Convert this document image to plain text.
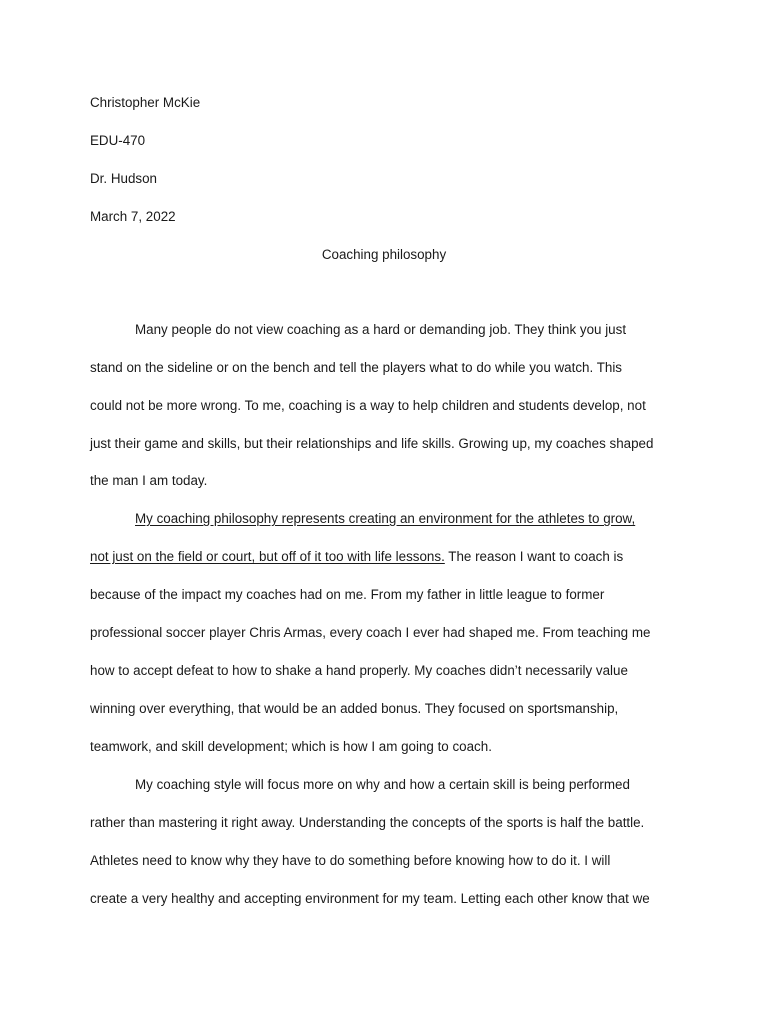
Christopher McKie
EDU-470
Dr. Hudson
March 7, 2022
Coaching philosophy
Many people do not view coaching as a hard or demanding job. They think you just
stand on the sideline or on the bench and tell the players what to do while you watch. This
could not be more wrong. To me, coaching is a way to help children and students develop, not
just their game and skills, but their relationships and life skills. Growing up, my coaches shaped
the man I am today.
My coaching philosophy represents creating an environment for the athletes to grow,
not just on the field or court, but off of it too with life lessons. The reason I want to coach is
because of the impact my coaches had on me. From my father in little league to former
professional soccer player Chris Armas, every coach I ever had shaped me. From teaching me
how to accept defeat to how to shake a hand properly. My coaches didn’t necessarily value
winning over everything, that would be an added bonus. They focused on sportsmanship,
teamwork, and skill development; which is how I am going to coach.
My coaching style will focus more on why and how a certain skill is being performed
rather than mastering it right away. Understanding the concepts of the sports is half the battle.
Athletes need to know why they have to do something before knowing how to do it. I will
create a very healthy and accepting environment for my team. Letting each other know that we
